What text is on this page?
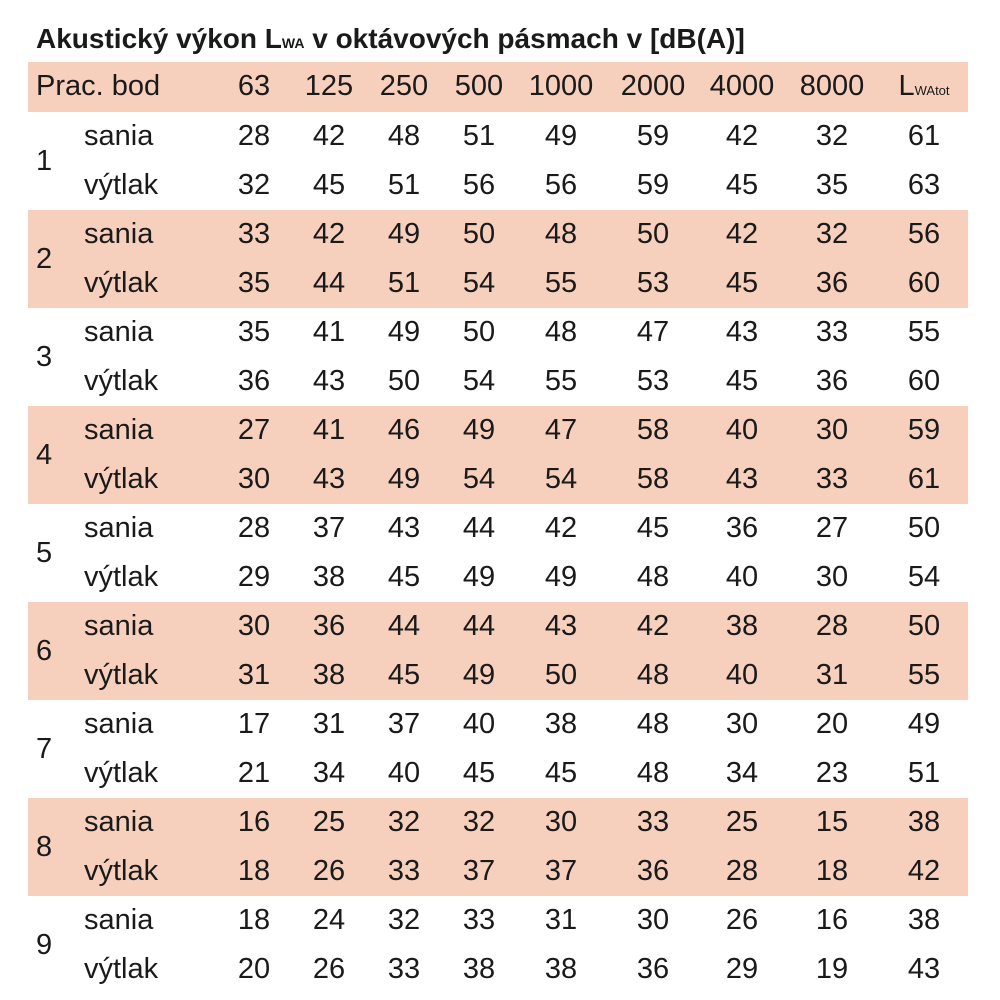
Akustický výkon LWA v oktávových pásmach v [dB(A)]
Prac. bod	63 125 250 500 1000 2000 4000 8000 LWAtot
1
sania	28 42 48 51 49 59 42 32 61
výtlak	32 45 51 56 56 59 45 35 63
2
sania	33 42 49 50 48 50 42 32 56
výtlak	35 44 51 54 55 53 45 36 60
3
sania	35 41 49 50 48 47 43 33 55
výtlak	36 43 50 54 55 53 45 36 60
4
sania	27 41 46 49 47 58 40 30 59
výtlak	30 43 49 54 54 58 43 33 61
5
sania	28 37 43 44 42 45 36 27 50
výtlak	29 38 45 49 49 48 40 30 54
6
sania	30 36 44 44 43 42 38 28 50
výtlak	31 38 45 49 50 48 40 31 55
7
sania	17 31 37 40 38 48 30 20 49
výtlak	21 34 40 45 45 48 34 23 51
8
sania	16 25 32 32 30 33 25 15 38
výtlak	18 26 33 37 37 36 28 18 42
9
sania	18 24 32 33 31 30 26 16 38
výtlak	20 26 33 38 38 36 29 19 43
